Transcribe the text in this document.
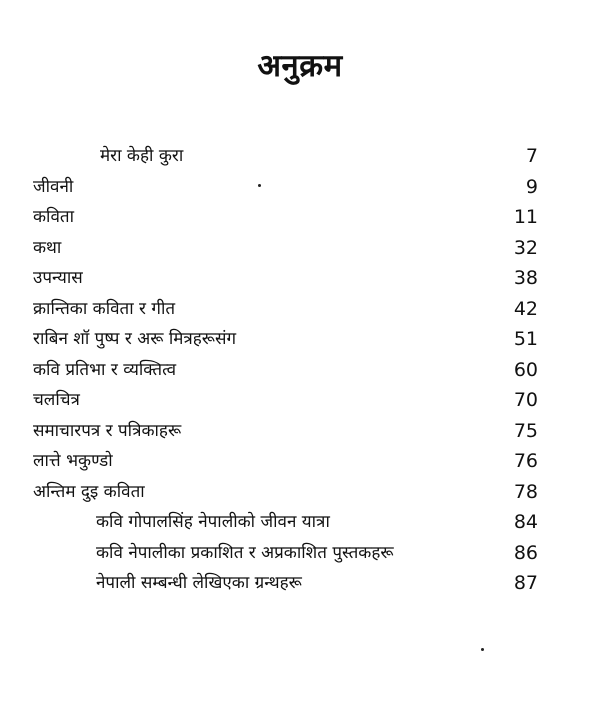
अनुक्रम
मेरा केही कुरा	7
जीवनी	9
कविता	11
कथा	32
उपन्यास	38
क्रान्तिका कविता र गीत	42
राबिन शॉ पुष्प र अरू मित्रहरूसंग	51
कवि प्रतिभा र व्यक्तित्व	60
चलचित्र	70
समाचारपत्र र पत्रिकाहरू	75
लात्ते भकुण्डो	76
अन्तिम दुइ कविता	78
कवि गोपालसिंह नेपालीको जीवन यात्रा	84
कवि नेपालीका प्रकाशित र अप्रकाशित पुस्तकहरू	86
नेपाली सम्बन्धी लेखिएका ग्रन्थहरू	87
